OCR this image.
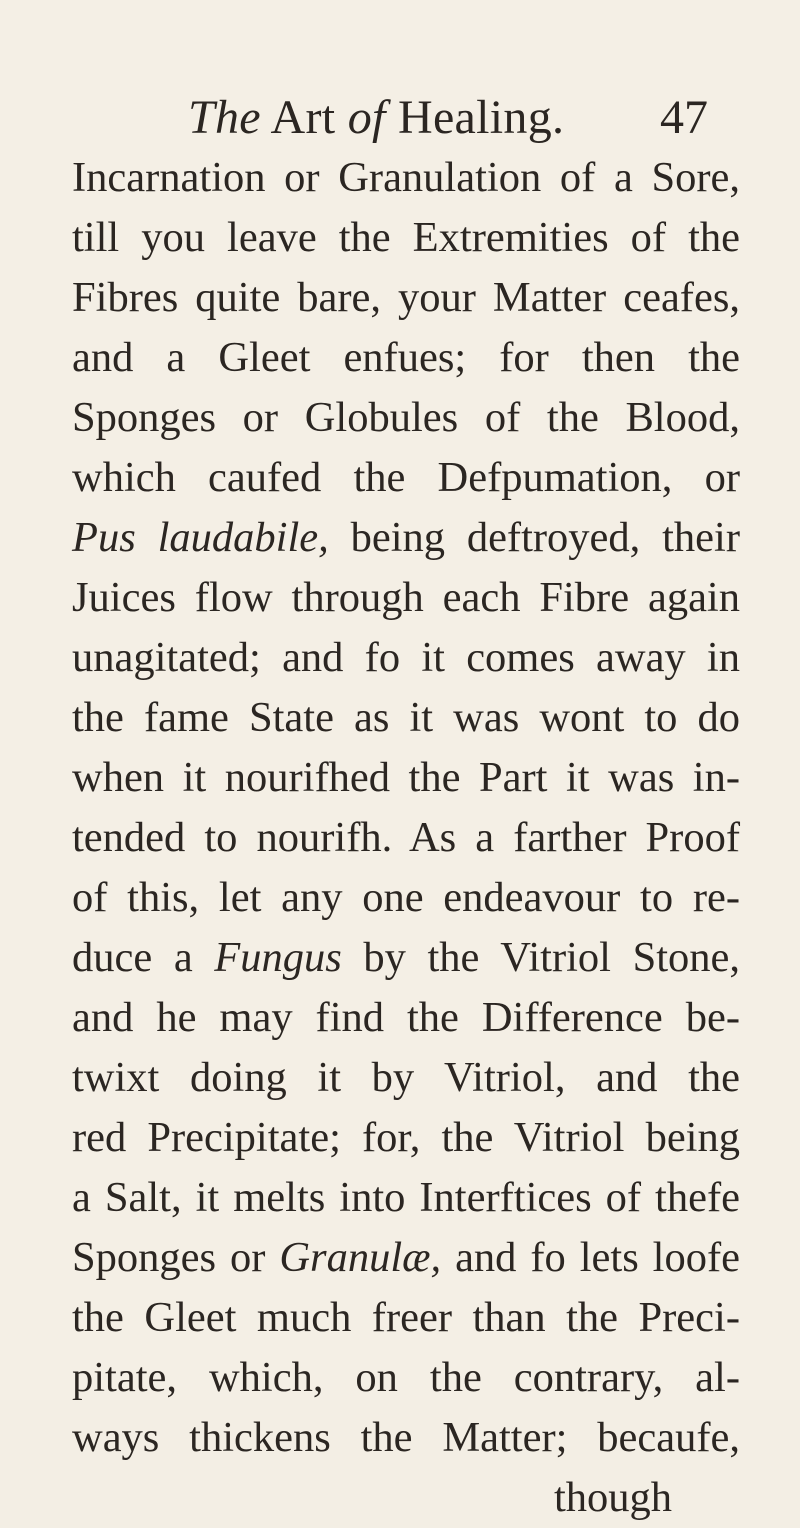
The Art of Healing. 47
Incarnation or Granulation of a Sore,
till you leave the Extremities of the
Fibres quite bare, your Matter ceafes,
and a Gleet enfues; for then the
Sponges or Globules of the Blood,
which caufed the Defpumation, or
Pus laudabile, being deftroyed, their
Juices flow through each Fibre again
unagitated; and fo it comes away in
the fame State as it was wont to do
when it nourifhed the Part it was in-
tended to nourifh. As a farther Proof
of this, let any one endeavour to re-
duce a Fungus by the Vitriol Stone,
and he may find the Difference be-
twixt doing it by Vitriol, and the
red Precipitate; for, the Vitriol being
a Salt, it melts into Interftices of thefe
Sponges or Granulæ, and fo lets loofe
the Gleet much freer than the Preci-
pitate, which, on the contrary, al-
ways thickens the Matter; becaufe,
though
